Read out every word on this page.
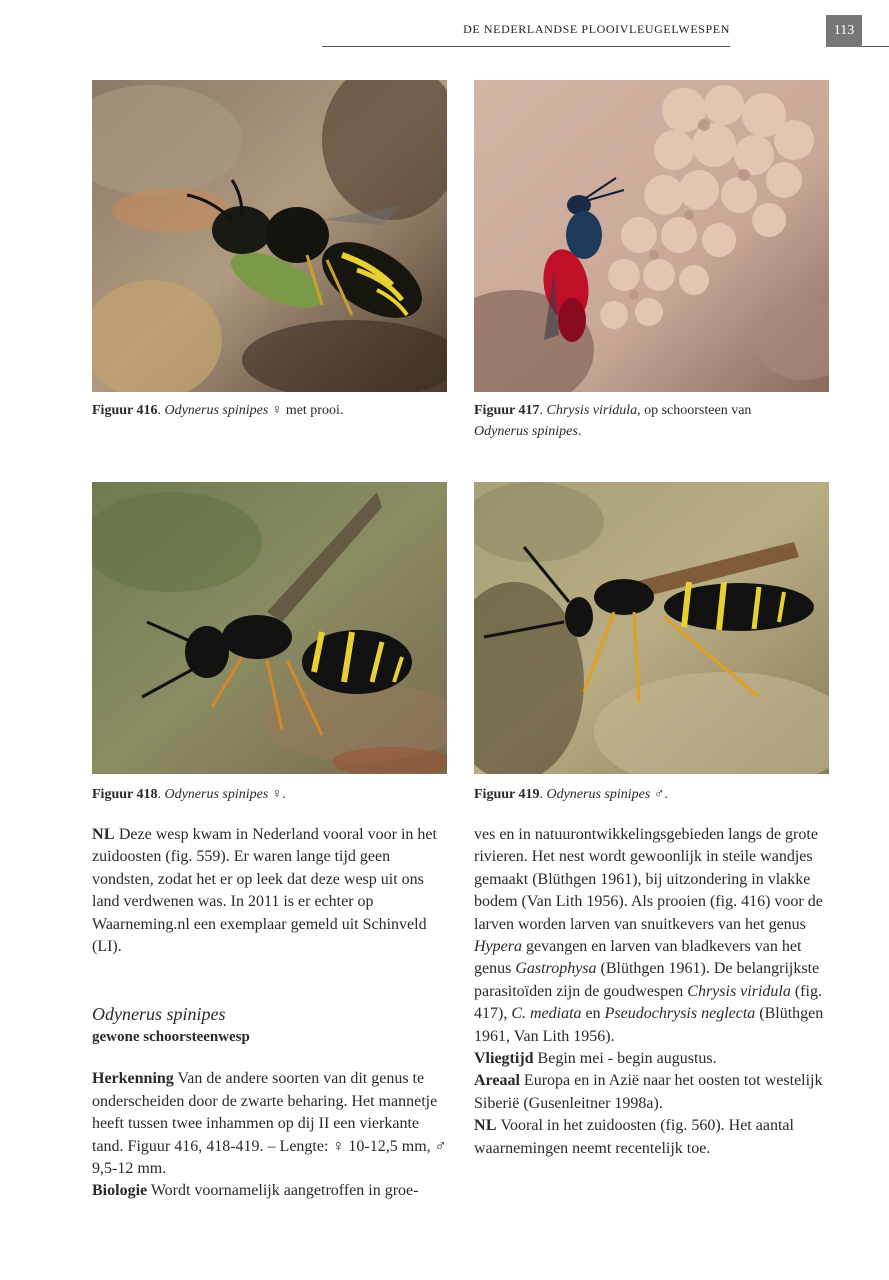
DE NEDERLANDSE PLOOIVLEUGELWESPEN	113
Figuur 416. Odynerus spinipes ♀ met prooi.	Figuur 417. Chrysis viridula, op schoorsteen van
Odynerus spinipes.
Figuur 418. Odynerus spinipes ♀.	Figuur 419. Odynerus spinipes ♂.

NL Deze wesp kwam in Nederland vooral voor in het zuidoosten (fig. 559). Er waren lange tijd geen vondsten, zodat het er op leek dat deze wesp uit ons land verdwenen was. In 2011 is er echter op Waarneming.nl een exemplaar gemeld uit Schinveld (LI).

Odynerus spinipes
gewone schoorsteenwesp

Herkenning Van de andere soorten van dit genus te onderscheiden door de zwarte beharing. Het mannetje heeft tussen twee inhammen op dij II een vierkante tand. Figuur 416, 418-419. – Lengte: ♀ 10-12,5 mm, ♂ 9,5-12 mm.

Biologie Wordt voornamelijk aangetroffen in groe-

ves en in natuurontwikkelingsgebieden langs de grote rivieren. Het nest wordt gewoonlijk in steile wandjes gemaakt (Blüthgen 1961), bij uitzondering in vlakke bodem (Van Lith 1956). Als prooien (fig. 416) voor de larven worden larven van snuitkevers van het genus Hypera gevangen en larven van bladkevers van het genus Gastrophysa (Blüthgen 1961). De belangrijkste parasitoïden zijn de goudwespen Chrysis viridula (fig. 417), C. mediata en Pseudochrysis neglecta (Blüthgen 1961, Van Lith 1956).

Vliegtijd Begin mei - begin augustus.

Areaal Europa en in Azië naar het oosten tot westelijk Siberië (Gusenleitner 1998a).

NL Vooral in het zuidoosten (fig. 560). Het aantal waarnemingen neemt recentelijk toe.
